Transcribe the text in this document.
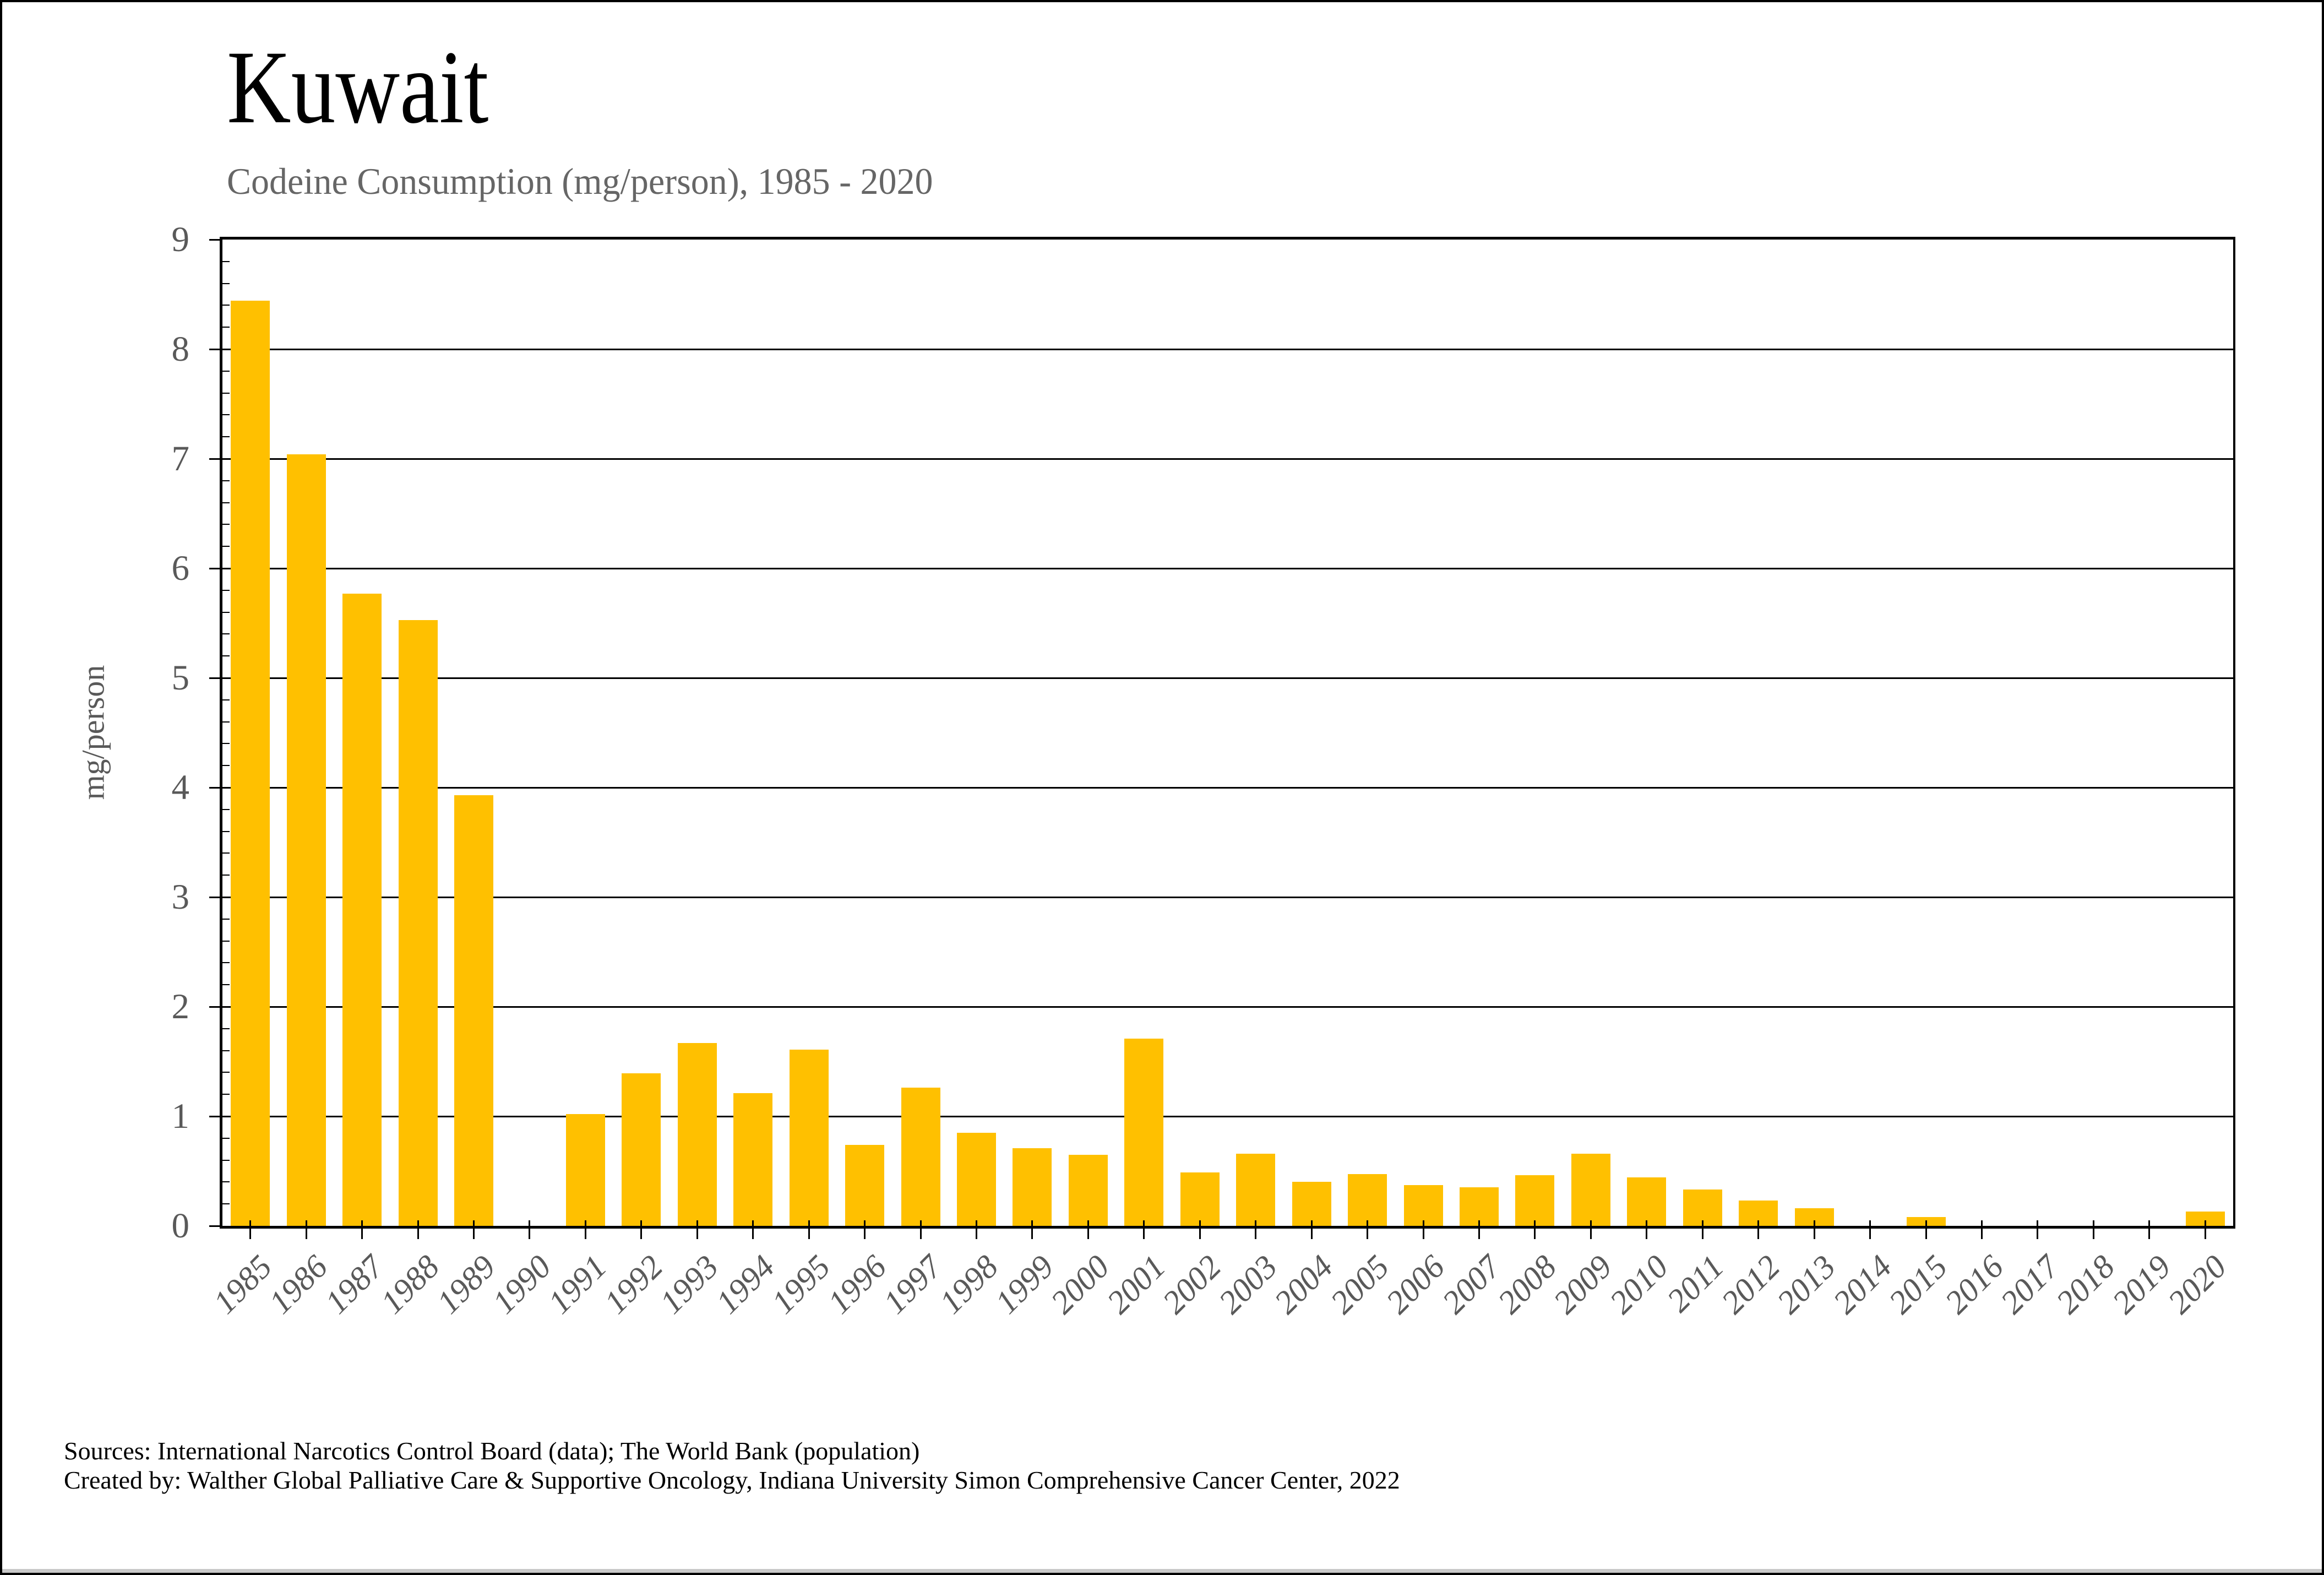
Kuwait
Codeine Consumption (mg/person), 1985 - 2020
mg/person
1985
1986
1987
1988
1989
1990
1991
1992
1993
1994
1995
1996
1997
1998
1999
2000
2001
2002
2003
2004
2005
2006
2007
2008
2009
2010
2011
2012
2013
2014
2015
2016
2017
2018
2019
2020
0
1
2
3
4
5
6
7
8
9
Sources: International Narcotics Control Board (data); The World Bank (population)
Created by: Walther Global Palliative Care & Supportive Oncology, Indiana University Simon Comprehensive Cancer Center, 2022
